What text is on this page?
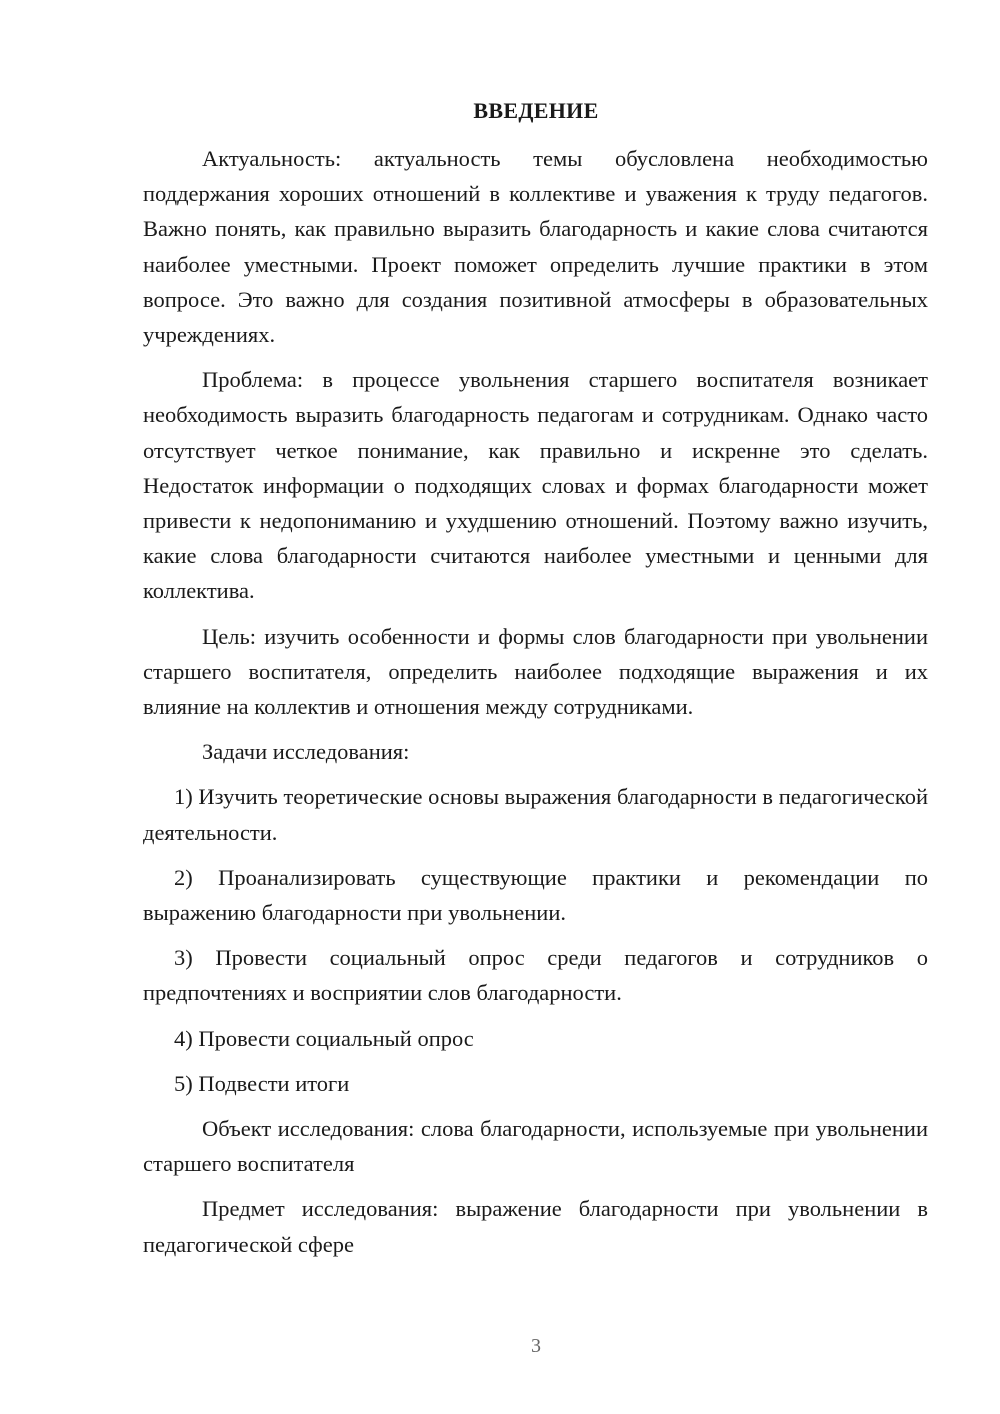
ВВЕДЕНИЕ

Актуальность: актуальность темы обусловлена необходимостью поддержания хороших отношений в коллективе и уважения к труду педагогов. Важно понять, как правильно выразить благодарность и какие слова считаются наиболее уместными. Проект поможет определить лучшие практики в этом вопросе. Это важно для создания позитивной атмосферы в образовательных учреждениях.

Проблема: в процессе увольнения старшего воспитателя возникает необходимость выразить благодарность педагогам и сотрудникам. Однако часто отсутствует четкое понимание, как правильно и искренне это сделать. Недостаток информации о подходящих словах и формах благодарности может привести к недопониманию и ухудшению отношений. Поэтому важно изучить, какие слова благодарности считаются наиболее уместными и ценными для коллектива.

Цель: изучить особенности и формы слов благодарности при увольнении старшего воспитателя, определить наиболее подходящие выражения и их влияние на коллектив и отношения между сотрудниками.

Задачи исследования:

1) Изучить теоретические основы выражения благодарности в педагогической деятельности.

2) Проанализировать существующие практики и рекомендации по выражению благодарности при увольнении.

3) Провести социальный опрос среди педагогов и сотрудников о предпочтениях и восприятии слов благодарности.

4) Провести социальный опрос

5) Подвести итоги

Объект исследования: слова благодарности, используемые при увольнении старшего воспитателя

Предмет исследования: выражение благодарности при увольнении в педагогической сфере

3
